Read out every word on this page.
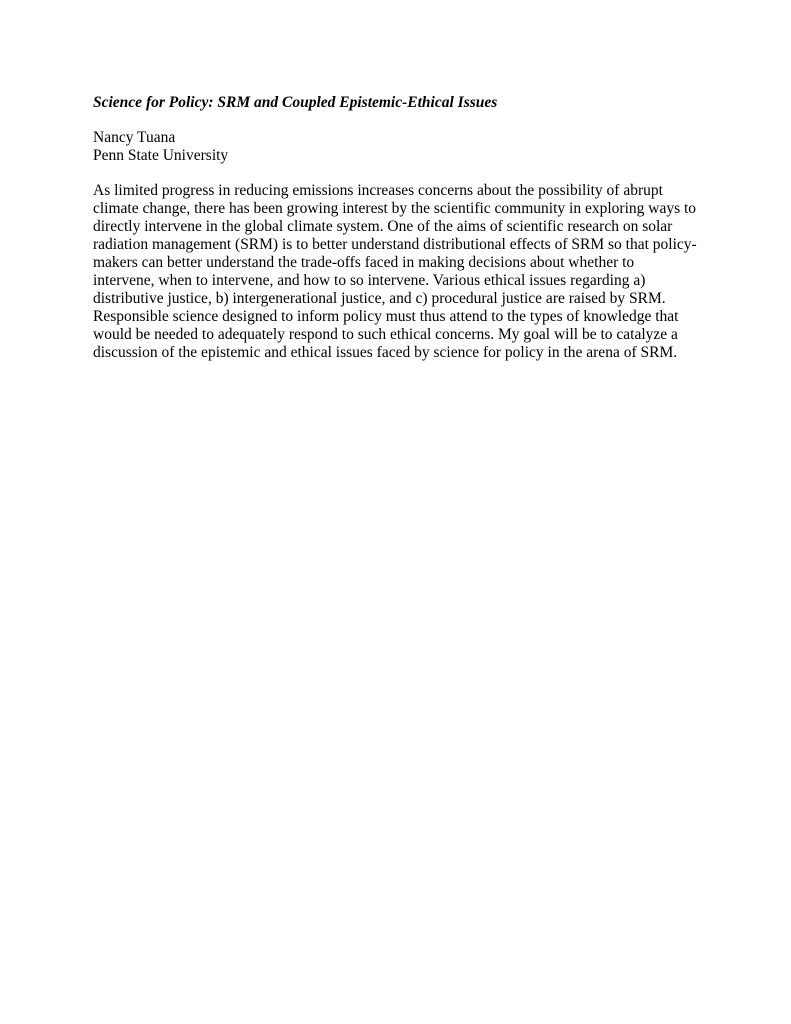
Science for Policy: SRM and Coupled Epistemic-Ethical Issues
Nancy Tuana
Penn State University
As limited progress in reducing emissions increases concerns about the possibility of abrupt
climate change, there has been growing interest by the scientific community in exploring ways to
directly intervene in the global climate system. One of the aims of scientific research on solar
radiation management (SRM) is to better understand distributional effects of SRM so that policy-
makers can better understand the trade-offs faced in making decisions about whether to
intervene, when to intervene, and how to so intervene. Various ethical issues regarding a)
distributive justice, b) intergenerational justice, and c) procedural justice are raised by SRM.
Responsible science designed to inform policy must thus attend to the types of knowledge that
would be needed to adequately respond to such ethical concerns. My goal will be to catalyze a
discussion of the epistemic and ethical issues faced by science for policy in the arena of SRM.
